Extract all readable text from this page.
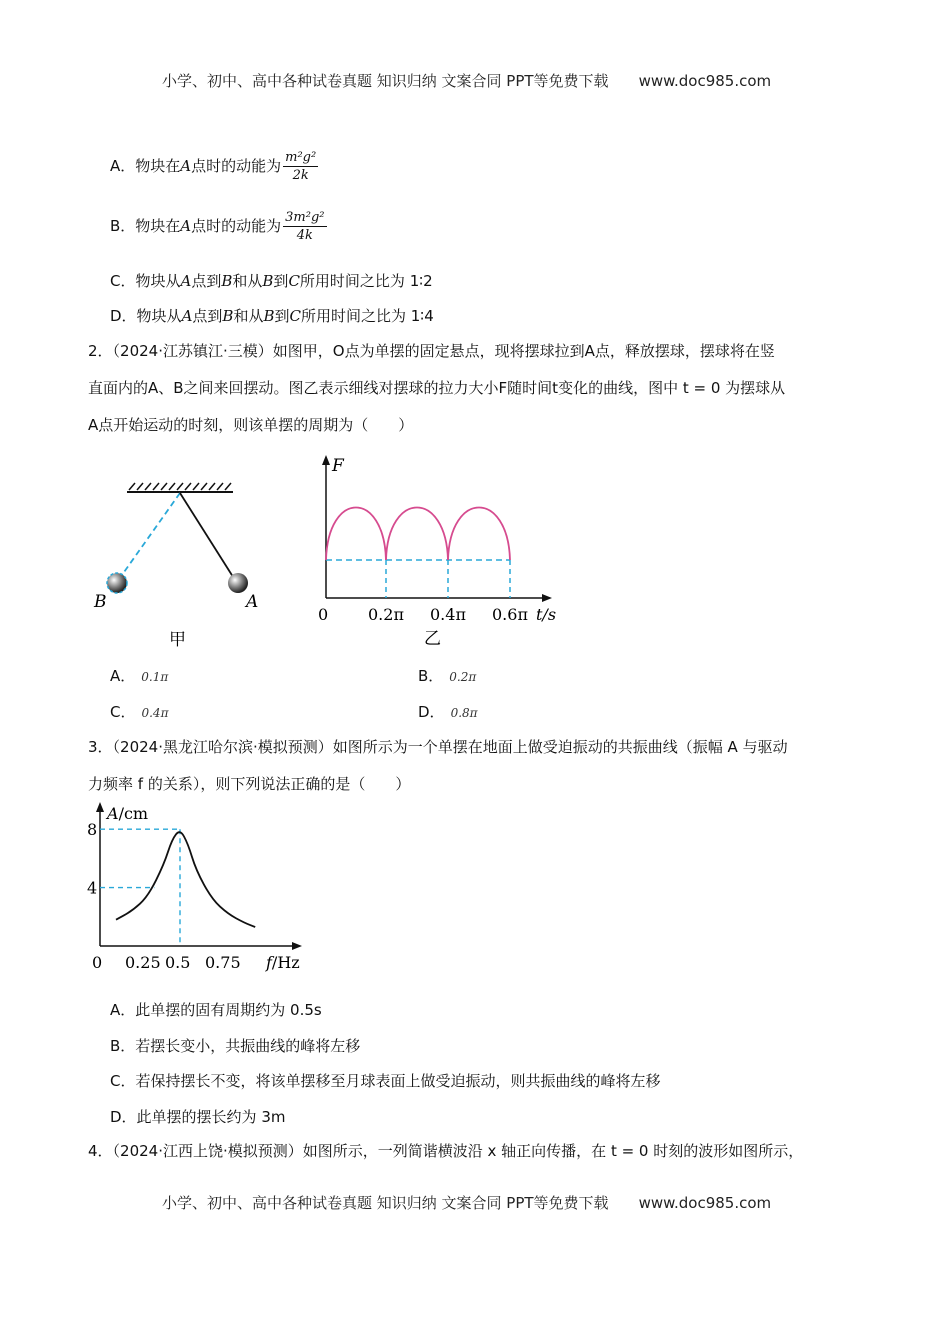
小学、初中、高中各种试卷真题 知识归纳 文案合同 PPT等免费下载 www.doc985.com
A．物块在A点时的动能为 $\frac{\text{m²g²}}{2k}$
B．物块在A点时的动能为 $\frac{\text{3m²g²}}{4k}$
C．物块从A点到B和从B到C所用时间之比为 1∶2
D．物块从A点到B和从B到C所用时间之比为 1∶4
2．（2024·江苏镇江·三模）如图甲，O点为单摆的固定悬点，现将摆球拉到A点，释放摆球，摆球将在竖
直面内的A、B之间来回摆动。图乙表示细线对摆球的拉力大小F随时间t变化的曲线，图中 t = 0 为摆球从
A点开始运动的时刻，则该单摆的周期为（　　）
B	A
甲
F
0 0.2π 0.4π 0.6π t/s
乙
A． 0.1π	B． 0.2π
C． 0.4π	D． 0.8π
3．（2024·黑龙江哈尔滨·模拟预测）如图所示为一个单摆在地面上做受迫振动的共振曲线（振幅 A 与驱动
力频率 f 的关系），则下列说法正确的是（　　）
A/cm
f/Hz
4
8
0 0.25 0.5 0.75
A．此单摆的固有周期约为 0.5s
B．若摆长变小，共振曲线的峰将左移
C．若保持摆长不变，将该单摆移至月球表面上做受迫振动，则共振曲线的峰将左移
D．此单摆的摆长约为 3m
4．（2024·江西上饶·模拟预测）如图所示，一列简谐横波沿 x 轴正向传播，在 t = 0 时刻的波形如图所示，
小学、初中、高中各种试卷真题 知识归纳 文案合同 PPT等免费下载 www.doc985.com
